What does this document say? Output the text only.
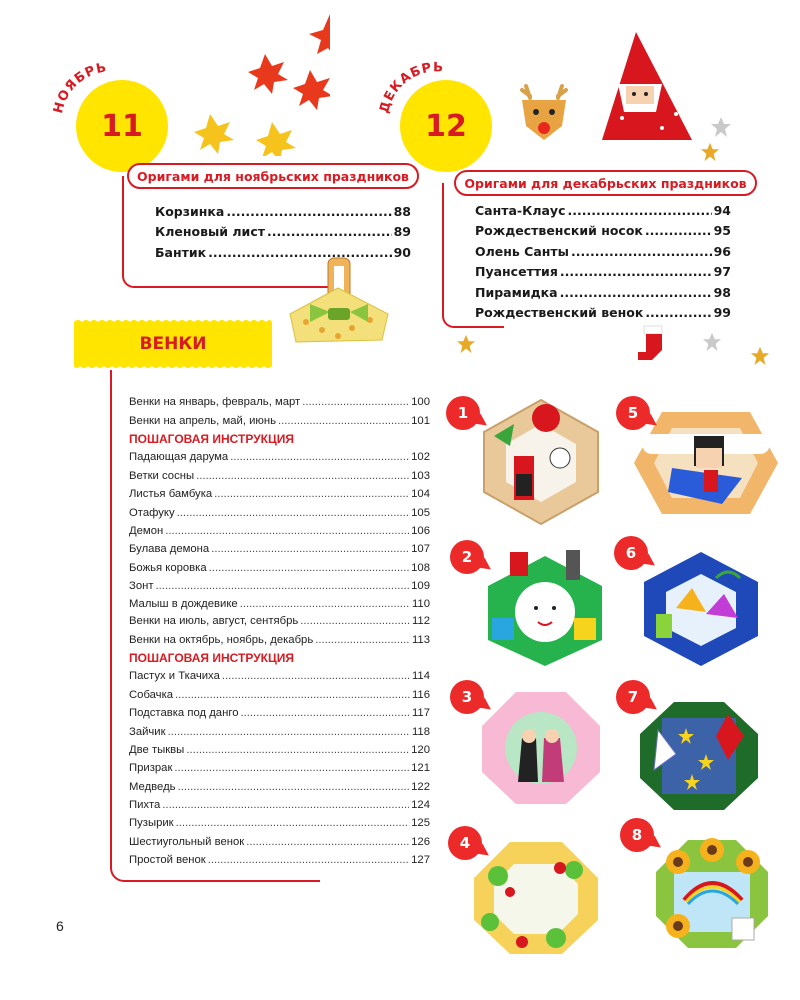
НОЯБРЬ
11
Оригами для ноябрьских праздников
Корзинка .....	88
Кленовый лист .....	89
Бантик .....	90
ДЕКАБРЬ
12
Оригами для декабрьских праздников
Санта-Клаус .....	94
Рождественский носок .....	95
Олень Санты .....	96
Пуансеттия .....	97
Пирамидка .....	98
Рождественский венок .....	99
ВЕНКИ
Венки на январь, февраль, март .....	100
Венки на апрель, май, июнь .....	101
ПОШАГОВАЯ ИНСТРУКЦИЯ
Падающая дарума .....	102
Ветки сосны .....	103
Листья бамбука .....	104
Отафуку .....	105
Демон .....	106
Булава демона .....	107
Божья коровка .....	108
Зонт .....	109
Малыш в дождевике .....	110
Венки на июль, август, сентябрь .....	112
Венки на октябрь, ноябрь, декабрь .....	113
ПОШАГОВАЯ ИНСТРУКЦИЯ
Пастух и Ткачиха .....	114
Собачка .....	116
Подставка под данго .....	117
Зайчик .....	118
Две тыквы .....	120
Призрак .....	121
Медведь .....	122
Пихта .....	124
Пузырик .....	125
Шестиугольный венок .....	126
Простой венок .....	127
1	5
2	6
3	7
4	8
6
